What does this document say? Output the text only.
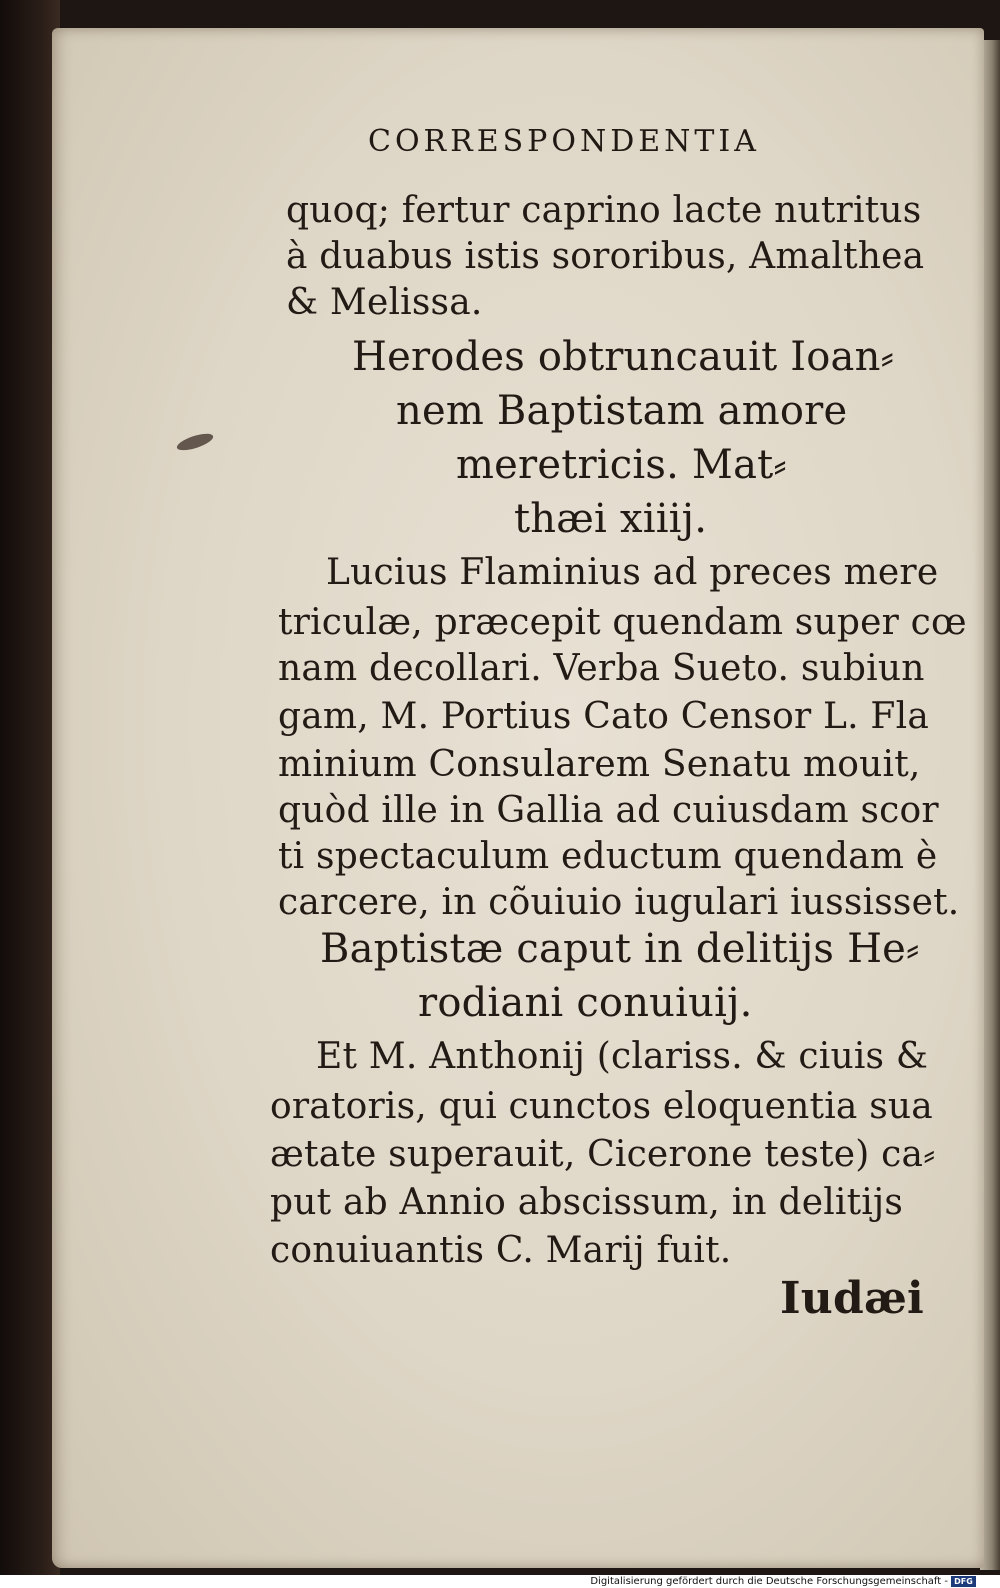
CORRESPONDENTIA
quoq; fertur caprino lacte nutritus
à duabus istis sororibus, Amalthea
& Melissa.
Herodes obtruncauit Ioan⸗
nem Baptistam amore
meretricis. Mat⸗
thæi xiiij.
Lucius Flaminius ad preces mere
triculæ, præcepit quendam super cœ
nam decollari. Verba Sueto. subiun
gam, M. Portius Cato Censor L. Fla
minium Consularem Senatu mouit,
quòd ille in Gallia ad cuiusdam scor
ti spectaculum eductum quendam è
carcere, in cõuiuio iugulari iussisset.
Baptistæ caput in delitijs He⸗
rodiani conuiuij.
Et M. Anthonij (clariss. & ciuis &
oratoris, qui cunctos eloquentia sua
ætate superauit, Cicerone teste) ca⸗
put ab Annio abscissum, in delitijs
conuiuantis C. Marij fuit.
Iudæi
Digitalisierung gefördert durch die Deutsche Forschungsgemeinschaft - DFG
